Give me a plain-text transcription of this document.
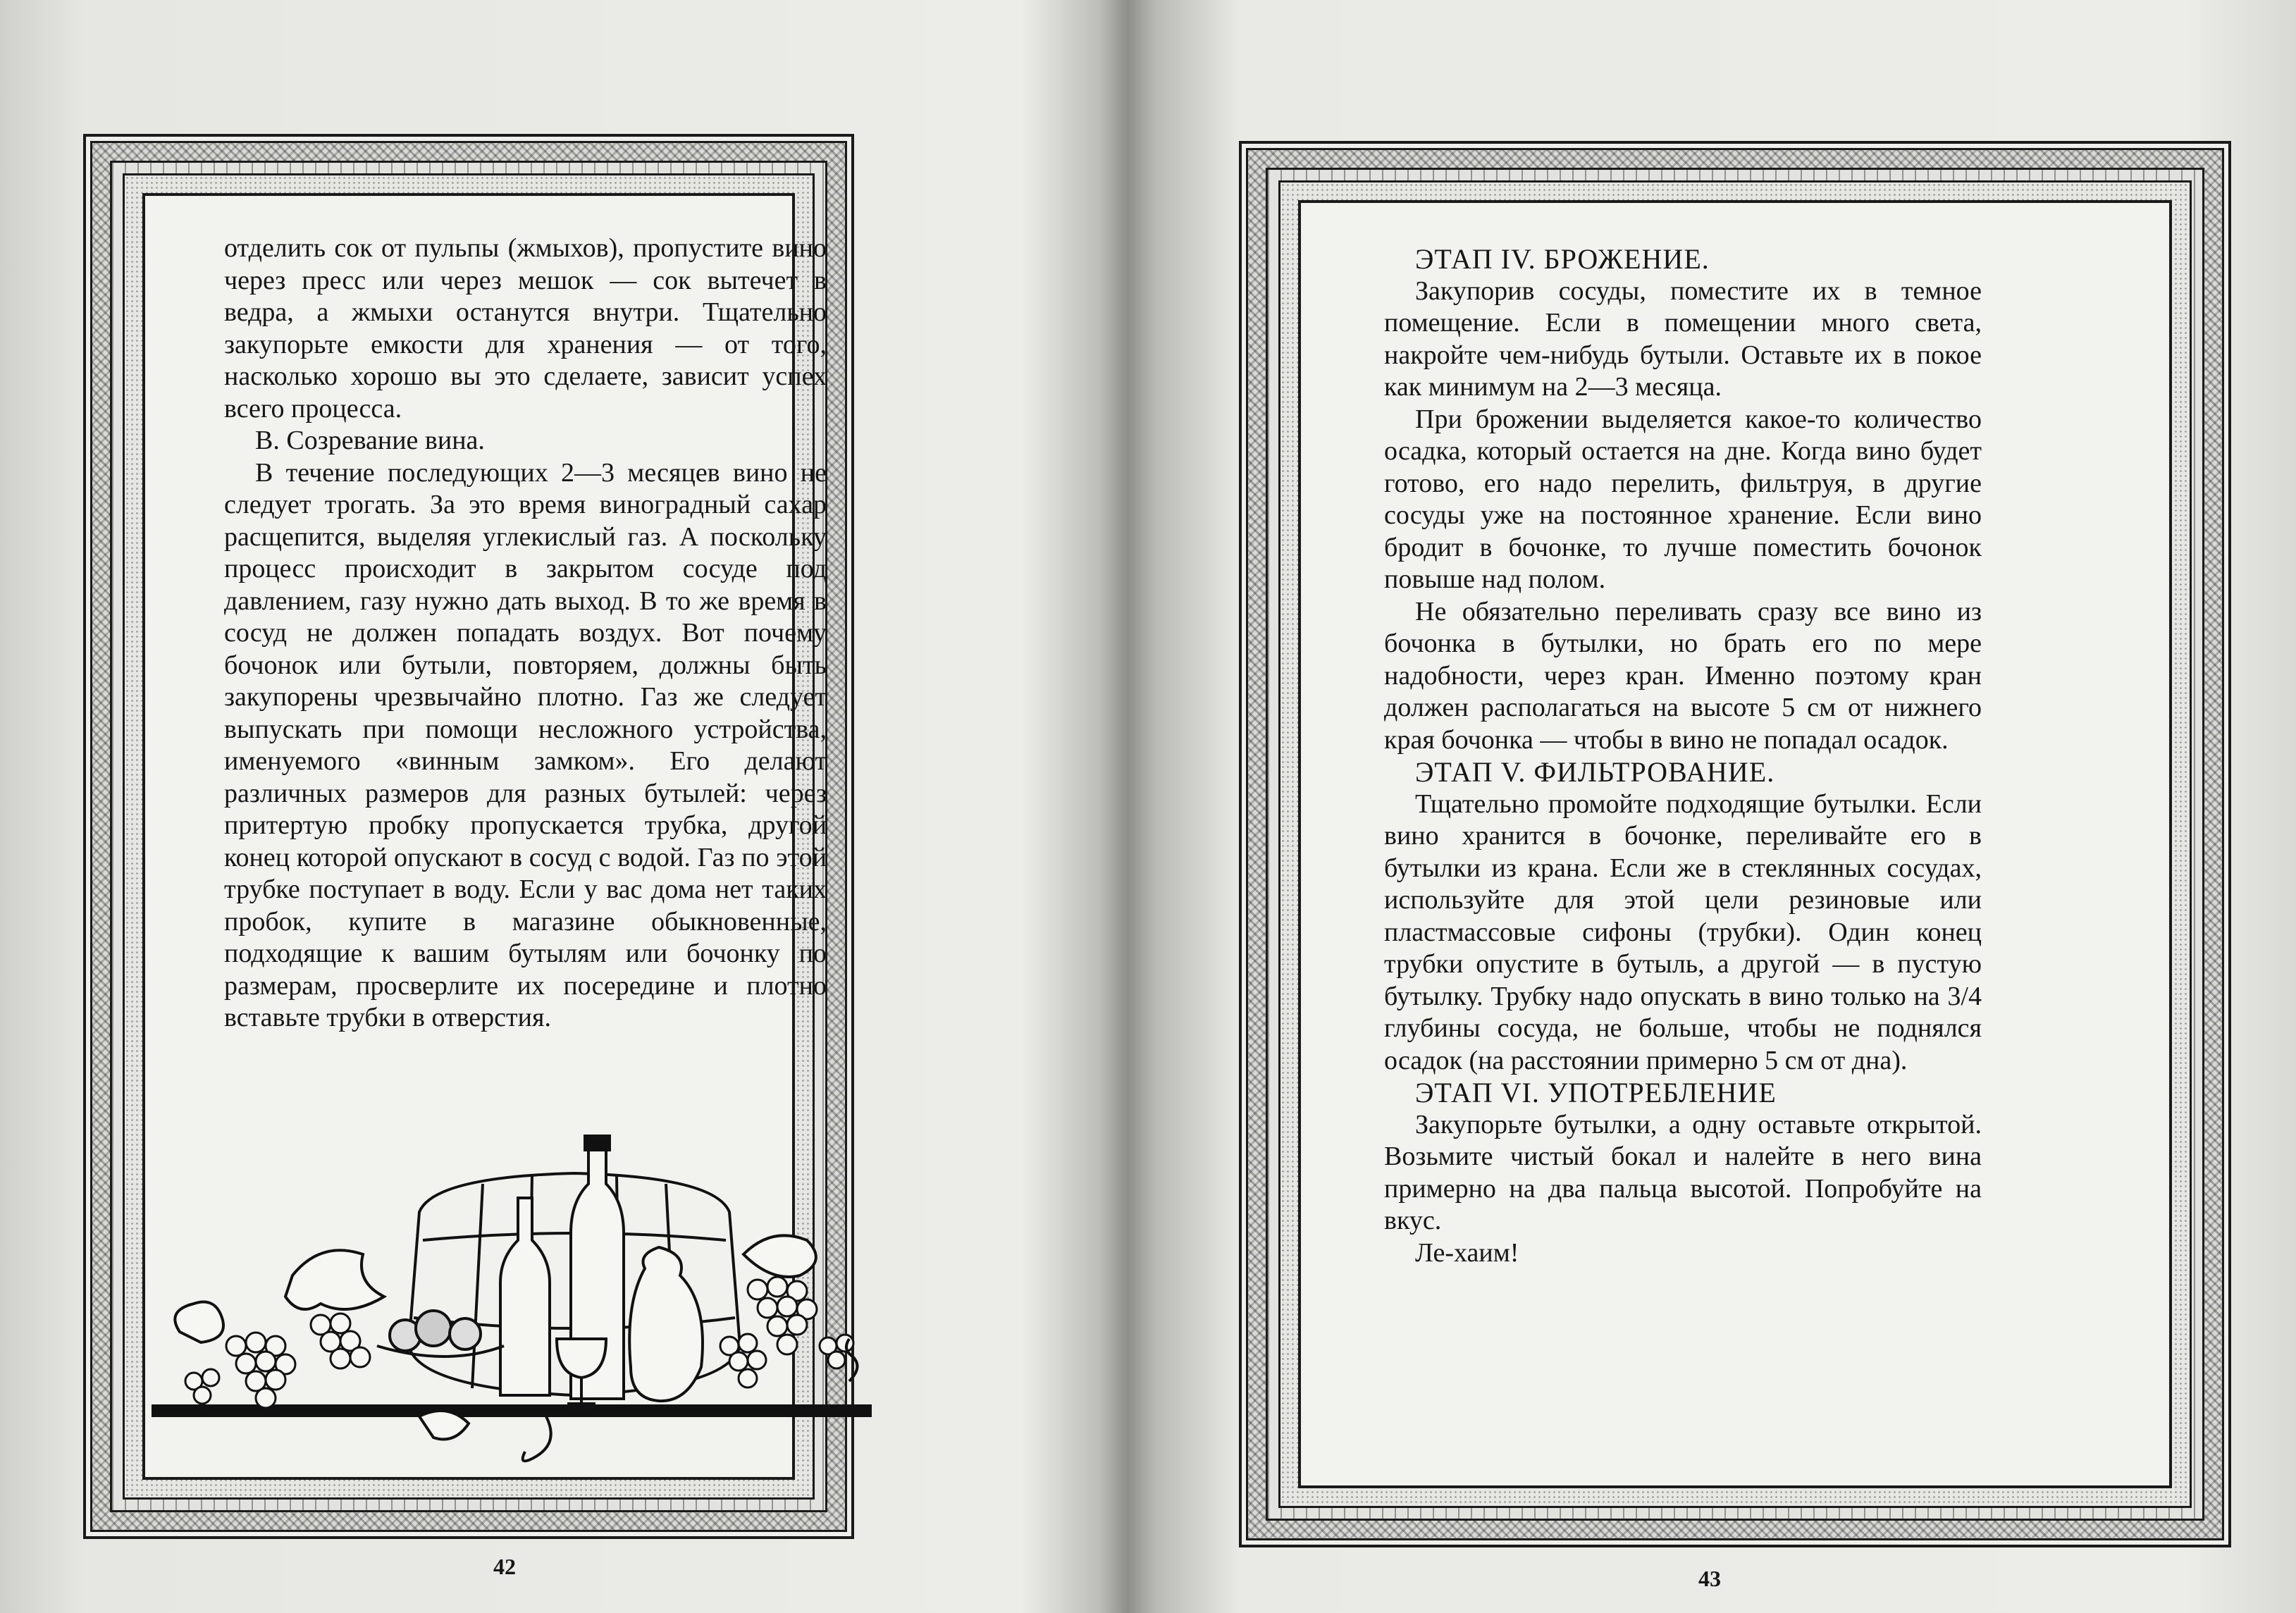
отделить сок от пульпы (жмыхов), пропустите вино через пресс или через мешок — сок вытечет в ведра, а жмыхи останутся внутри. Тщательно закупорьте емкости для хранения — от того, насколько хорошо вы это сделаете, зависит успех всего процесса.

В. Созревание вина.

В течение последующих 2—3 месяцев вино не следует трогать. За это время виноградный сахар расщепится, выделяя углекислый газ. А поскольку процесс происходит в закрытом сосуде под давлением, газу нужно дать выход. В то же время в сосуд не должен попадать воздух. Вот почему бочонок или бутыли, повторяем, должны быть закупорены чрезвычайно плотно. Газ же следует выпускать при помощи несложного устройства, именуемого «винным замком». Его делают различных размеров для разных бутылей: через притертую пробку пропускается трубка, другой конец которой опускают в сосуд с водой. Газ по этой трубке поступает в воду. Если у вас дома нет таких пробок, купите в магазине обыкновенные, подходящие к вашим бутылям или бочонку по размерам, просверлите их посередине и плотно вставьте трубки в отверстия.

42
ЭТАП IV. БРОЖЕНИЕ.

Закупорив сосуды, поместите их в темное помещение. Если в помещении много света, накройте чем-нибудь бутыли. Оставьте их в покое как минимум на 2—3 месяца.

При брожении выделяется какое-то количество осадка, который остается на дне. Когда вино будет готово, его надо перелить, фильтруя, в другие сосуды уже на постоянное хранение. Если вино бродит в бочонке, то лучше поместить бочонок повыше над полом.

Не обязательно переливать сразу все вино из бочонка в бутылки, но брать его по мере надобности, через кран. Именно поэтому кран должен располагаться на высоте 5 см от нижнего края бочонка — чтобы в вино не попадал осадок.

ЭТАП V. ФИЛЬТРОВАНИЕ.

Тщательно промойте подходящие бутылки. Если вино хранится в бочонке, переливайте его в бутылки из крана. Если же в стеклянных сосудах, используйте для этой цели резиновые или пластмассовые сифоны (трубки). Один конец трубки опустите в бутыль, а другой — в пустую бутылку. Трубку надо опускать в вино только на 3/4 глубины сосуда, не больше, чтобы не поднялся осадок (на расстоянии примерно 5 см от дна).

ЭТАП VI. УПОТРЕБЛЕНИЕ

Закупорьте бутылки, а одну оставьте открытой. Возьмите чистый бокал и налейте в него вина примерно на два пальца высотой. Попробуйте на вкус.

Ле-хаим!

43
